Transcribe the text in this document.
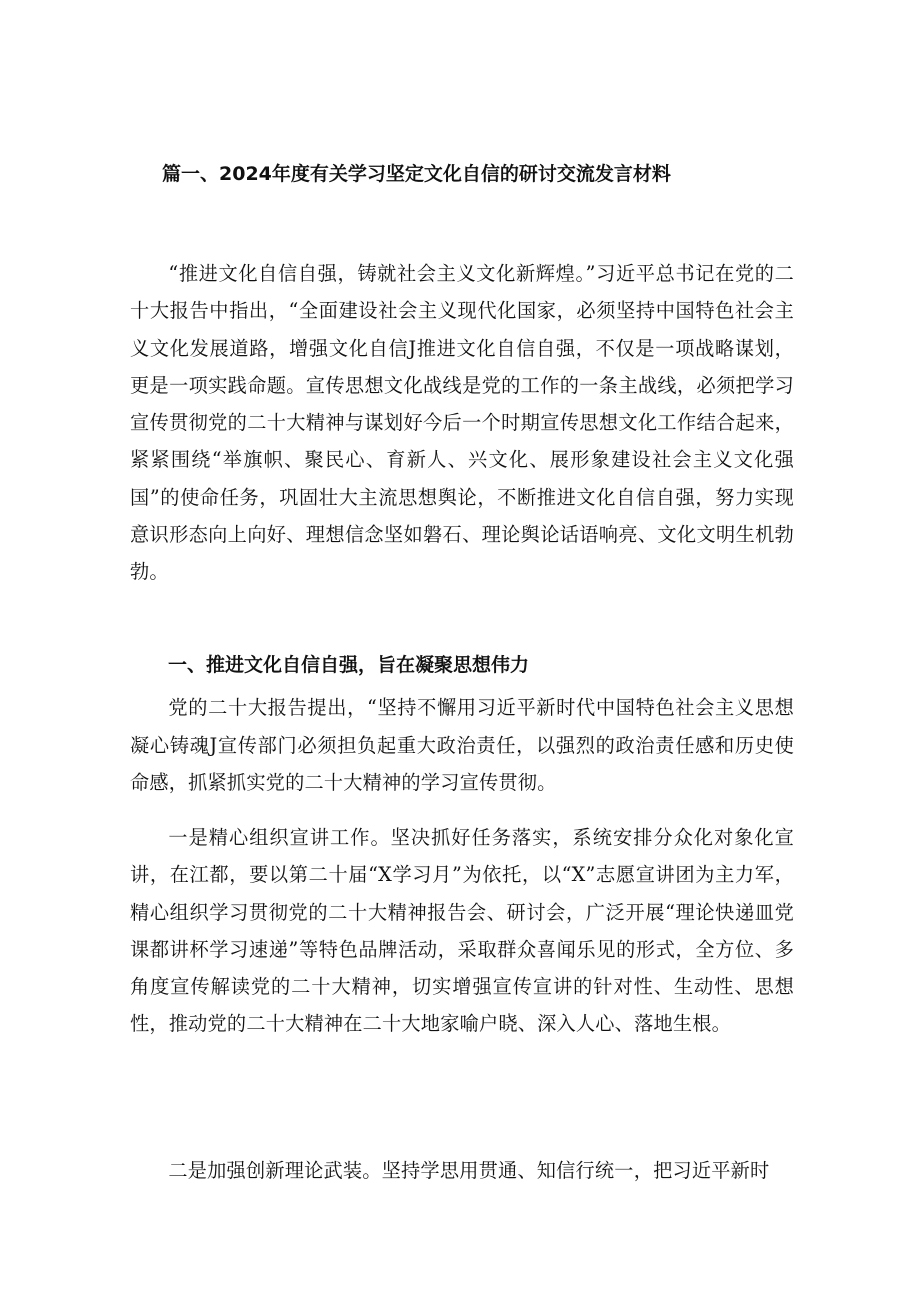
篇一、2024年度有关学习坚定文化自信的研讨交流发言材料

“推进文化自信自强，铸就社会主义文化新辉煌。”习近平总书记在党的二十大报告中指出，“全面建设社会主义现代化国家，必须坚持中国特色社会主义文化发展道路，增强文化自信J推进文化自信自强，不仅是一项战略谋划，更是一项实践命题。宣传思想文化战线是党的工作的一条主战线，必须把学习宣传贯彻党的二十大精神与谋划好今后一个时期宣传思想文化工作结合起来，紧紧围绕“举旗帜、聚民心、育新人、兴文化、展形象建设社会主义文化强国”的使命任务，巩固壮大主流思想舆论，不断推进文化自信自强，努力实现意识形态向上向好、理想信念坚如磐石、理论舆论话语响亮、文化文明生机勃勃。

一、推进文化自信自强，旨在凝聚思想伟力

党的二十大报告提出，“坚持不懈用习近平新时代中国特色社会主义思想凝心铸魂J宣传部门必须担负起重大政治责任，以强烈的政治责任感和历史使命感，抓紧抓实党的二十大精神的学习宣传贯彻。

一是精心组织宣讲工作。坚决抓好任务落实，系统安排分众化对象化宣讲，在江都，要以第二十届“X学习月”为依托，以“X”志愿宣讲团为主力军，精心组织学习贯彻党的二十大精神报告会、研讨会，广泛开展“理论快递皿党课都讲杯学习速递”等特色品牌活动，采取群众喜闻乐见的形式，全方位、多角度宣传解读党的二十大精神，切实增强宣传宣讲的针对性、生动性、思想性，推动党的二十大精神在二十大地家喻户晓、深入人心、落地生根。

二是加强创新理论武装。坚持学思用贯通、知信行统一，把习近平新时
